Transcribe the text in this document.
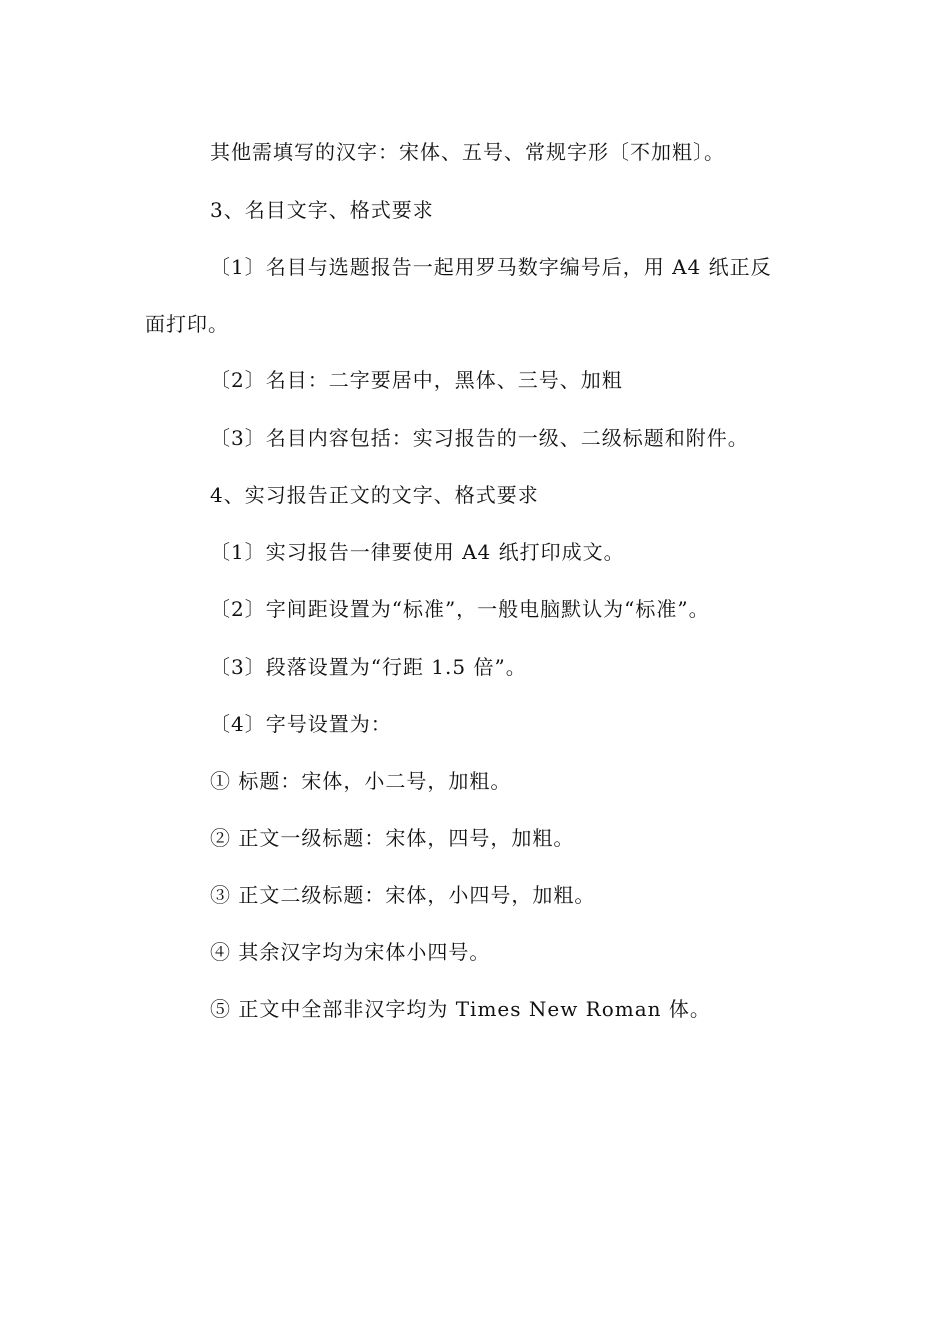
其他需填写的汉字：宋体、五号、常规字形〔不加粗〕。
3、名目文字、格式要求
〔1〕名目与选题报告一起用罗马数字编号后，用 A4 纸正反
面打印。
〔2〕名目：二字要居中，黑体、三号、加粗
〔3〕名目内容包括：实习报告的一级、二级标题和附件。
4、实习报告正文的文字、格式要求
〔1〕实习报告一律要使用 A4 纸打印成文。
〔2〕字间距设置为“标准”，一般电脑默认为“标准”。
〔3〕段落设置为“行距 1.5 倍”。
〔4〕字号设置为：
① 标题：宋体，小二号，加粗。
② 正文一级标题：宋体，四号，加粗。
③ 正文二级标题：宋体，小四号，加粗。
④ 其余汉字均为宋体小四号。
⑤ 正文中全部非汉字均为 Times New Roman 体。
